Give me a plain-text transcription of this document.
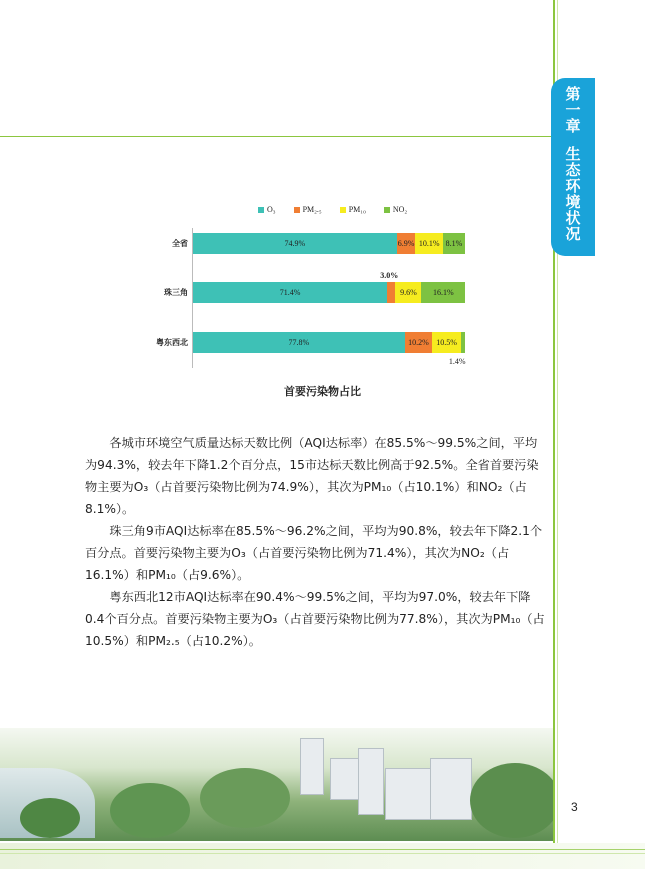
第一章
生态环境状况
O₃	PM₂.₅	PM₁₀	NO₂
全省	74.9%	6.9% 10.1% 8.1%
珠三角
3.0%
71.4%	9.6%	16.1%
粤东西北
1.4%
77.8%	10.2% 10.5%
首要污染物占比

各城市环境空气质量达标天数比例（AQI达标率）在85.5%～99.5%之间，平均为94.3%，较去年下降1.2个百分点，15市达标天数比例高于92.5%。全省首要污染物主要为O₃（占首要污染物比例为74.9%），其次为PM₁₀（占10.1%）和NO₂（占8.1%）。

珠三角9市AQI达标率在85.5%～96.2%之间，平均为90.8%，较去年下降2.1个百分点。首要污染物主要为O₃（占首要污染物比例为71.4%），其次为NO₂（占16.1%）和PM₁₀（占9.6%）。

粤东西北12市AQI达标率在90.4%～99.5%之间，平均为97.0%，较去年下降0.4个百分点。首要污染物主要为O₃（占首要污染物比例为77.8%），其次为PM₁₀（占10.5%）和PM₂.₅（占10.2%）。

3
